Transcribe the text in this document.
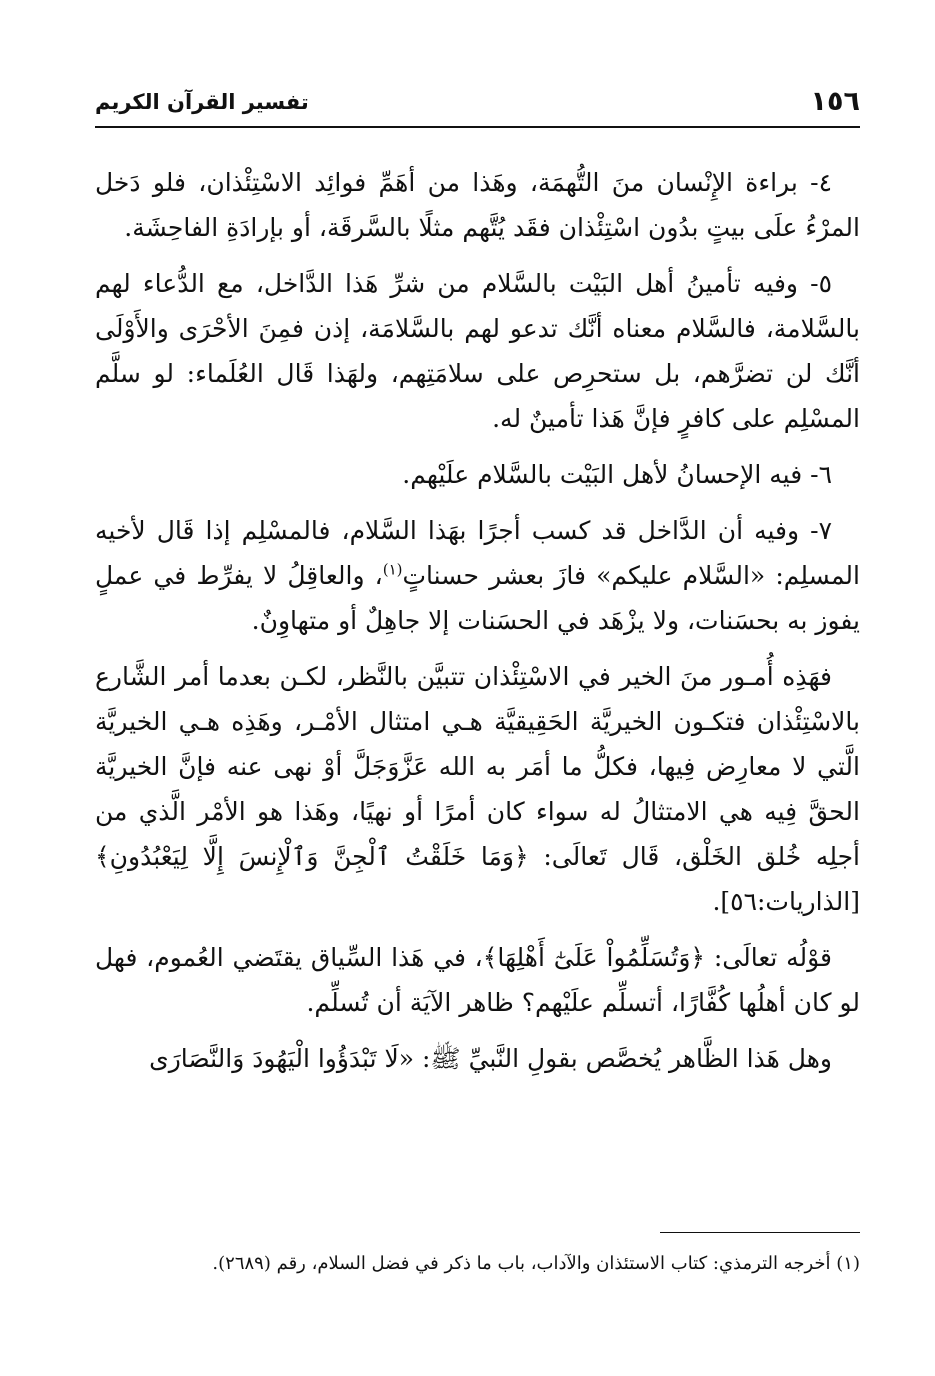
١٥٦
تفسير القرآن الكريم

٤- براءة الإِنْسان منَ التُّهمَة، وهَذا من أهَمِّ فوائِد الاسْتِئْذان، فلو دَخل المرْءُ علَى بيتٍ بدُون اسْتِئْذان فقَد يُتَّهم مثلًا بالسَّرقَة، أو بإرادَةِ الفاحِشَة.

٥- وفيه تأمينُ أهل البَيْت بالسَّلام من شرِّ هَذا الدَّاخل، مع الدُّعاء لهم بالسَّلامة، فالسَّلام معناه أنَّك تدعو لهم بالسَّلامَة، إذن فمِنَ الأحْرَى والأَوْلَى أنَّك لن تضرَّهم، بل ستحرِص على سلامَتِهم، ولهَذا قَال العُلَماء: لو سلَّم المسْلِم على كافرٍ فإنَّ هَذا تأمينٌ له.

٦- فيه الإحسانُ لأهل البَيْت بالسَّلام علَيْهم.

٧- وفيه أن الدَّاخل قد كسب أجرًا بهَذا السَّلام، فالمسْلِم إذا قَال لأخيه المسلِم: «السَّلام عليكم» فازَ بعشر حسناتٍ$^{(١)}$، والعاقِلُ لا يفرِّط في عملٍ يفوز به بحسَنات، ولا يزْهَد في الحسَنات إلا جاهِلٌ أو متهاوِنٌ.

فهَذِه أُمـور منَ الخير في الاسْتِئْذان تتبيَّن بالنَّظر، لكـن بعدما أمر الشَّارع بالاسْتِئْذان فتكـون الخيريَّة الحَقِيقيَّة هـي امتثال الأمْـر، وهَذِه هـي الخيريَّة الَّتي لا معارِض فِيها، فكلُّ ما أمَر به الله عَزَّوَجَلَّ أوْ نهى عنه فإنَّ الخيريَّة الحقَّ فِيه هي الامتثالُ له سواء كان أمرًا أو نهيًا، وهَذا هو الأمْر الَّذي من أجلِه خُلق الخَلْق، قَال تَعالَى: ﴿وَمَا خَلَقْتُ ٱلْجِنَّ وَٱلْإِنسَ إِلَّا لِيَعْبُدُونِ﴾ [الذاريات:٥٦].

قوْلُه تعالَى: ﴿وَتُسَلِّمُواْ عَلَىٰٓ أَهْلِهَا﴾، في هَذا السِّياق يقتَضي العُموم، فهل لو كان أهلُها كُفَّارًا، أتسلِّم علَيْهم؟ ظاهر الآيَة أن تُسلِّم.

وهل هَذا الظَّاهر يُخصَّص بقولِ النَّبيِّ ﷺ: «لَا تَبْدَؤُوا الْيَهُودَ وَالنَّصَارَى

(١) أخرجه الترمذي: كتاب الاستئذان والآداب، باب ما ذكر في فضل السلام، رقم (٢٦٨٩).
